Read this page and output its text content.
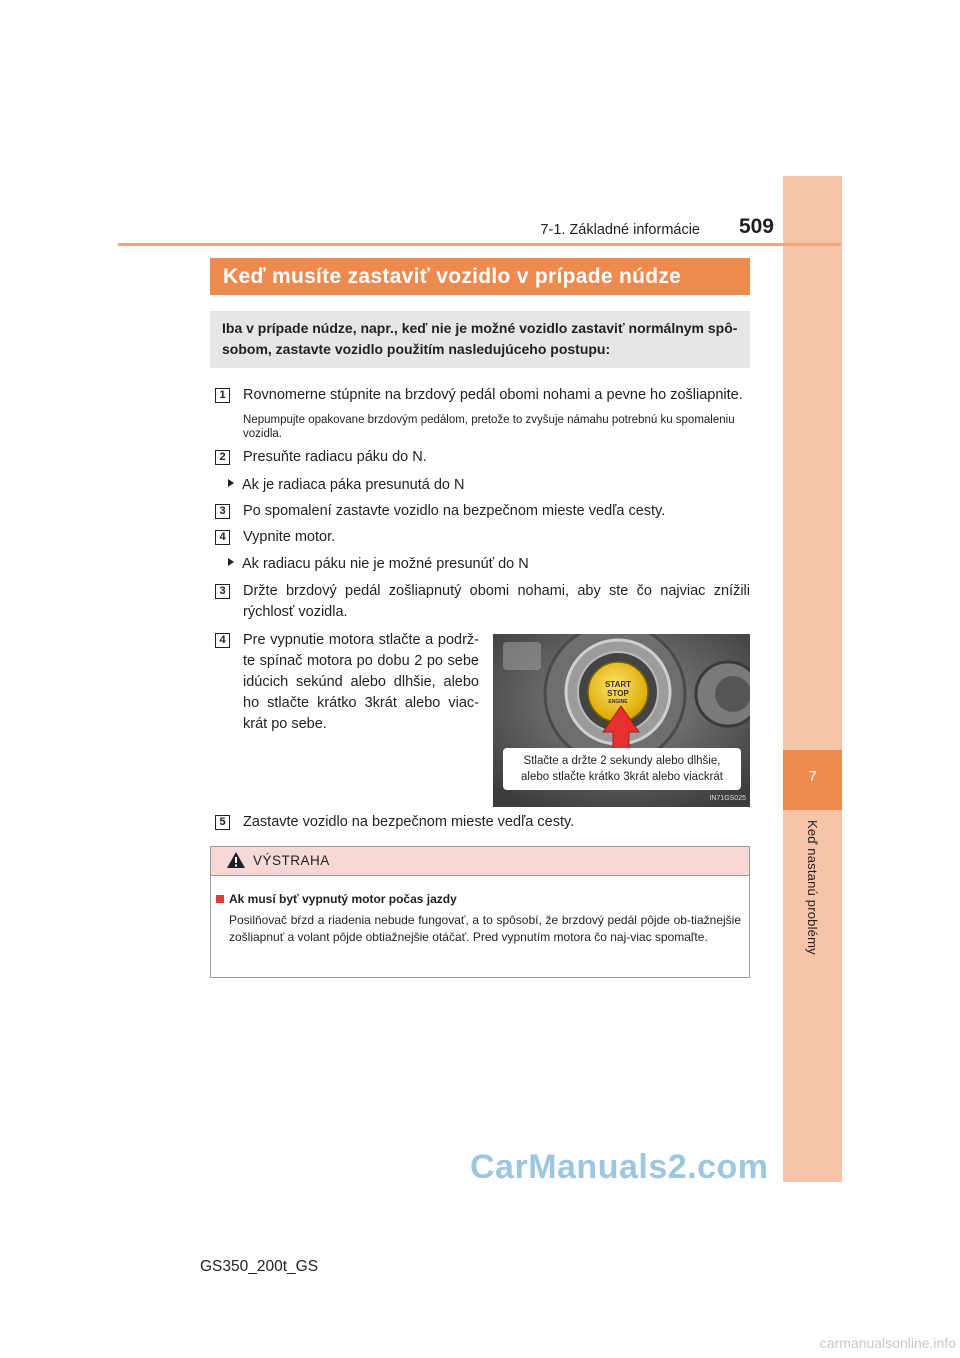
7
Keď nastanú problémy
7-1. Základné informácie	509
Keď musíte zastaviť vozidlo v prípade núdze
Iba v prípade núdze, napr., keď nie je možné vozidlo zastaviť normálnym spô-sobom, zastavte vozidlo použitím nasledujúceho postupu:
1	Rovnomerne stúpnite na brzdový pedál obomi nohami a pevne ho zošliapnite.
Nepumpujte opakovane brzdovým pedálom, pretože to zvyšuje námahu potrebnú ku spomaleniu vozidla.
2	Presuňte radiacu páku do N.
Ak je radiaca páka presunutá do N
3	Po spomalení zastavte vozidlo na bezpečnom mieste vedľa cesty.
4	Vypnite motor.
Ak radiacu páku nie je možné presunúť do N
3	Držte brzdový pedál zošliapnutý obomi nohami, aby ste čo najviac znížili rýchlosť vozidla.
4	Pre vypnutie motora stlačte a podrž-te spínač motora po dobu 2 po sebe idúcich sekúnd alebo dlhšie, alebo ho stlačte krátko 3krát alebo viac-krát po sebe.
START
STOP
ENGINE
Stlačte a držte 2 sekundy alebo dlhšie,
alebo stlačte krátko 3krát alebo viackrát
IN71GS025
5	Zastavte vozidlo na bezpečnom mieste vedľa cesty.
VÝSTRAHA
Ak musí byť vypnutý motor počas jazdy
Posilňovač bŕzd a riadenia nebude fungovať, a to spôsobí, že brzdový pedál pôjde ob-tiažnejšie zošliapnuť a volant pôjde obtiažnejšie otáčať. Pred vypnutím motora čo naj-viac spomaľte.
CarManuals2.com
GS350_200t_GS
carmanualsonline.info
